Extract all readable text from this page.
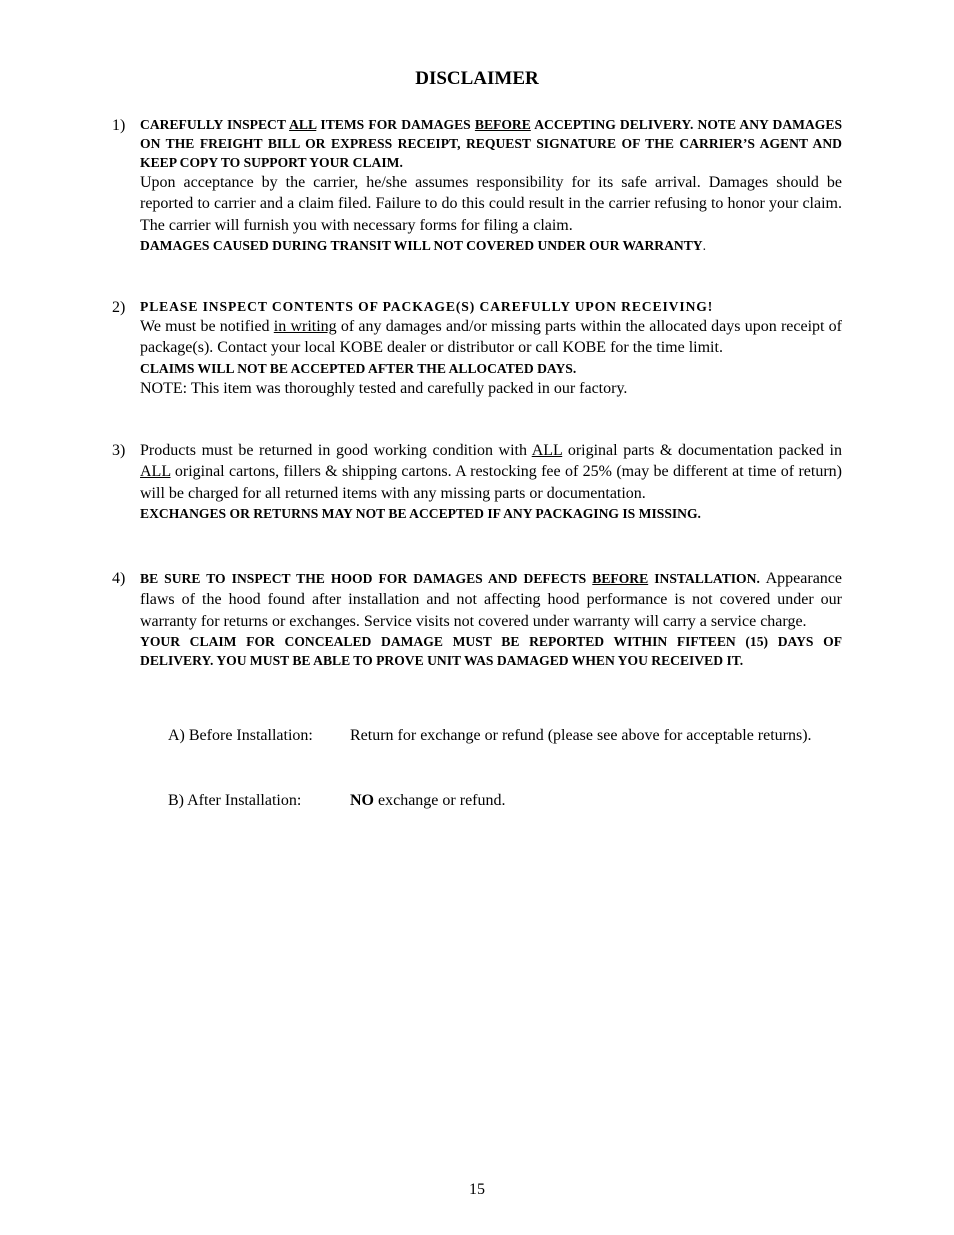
DISCLAIMER
1) CAREFULLY INSPECT ALL ITEMS FOR DAMAGES BEFORE ACCEPTING DELIVERY. NOTE ANY DAMAGES ON THE FREIGHT BILL OR EXPRESS RECEIPT, REQUEST SIGNATURE OF THE CARRIER’S AGENT AND KEEP COPY TO SUPPORT YOUR CLAIM.
Upon acceptance by the carrier, he/she assumes responsibility for its safe arrival. Damages should be reported to carrier and a claim filed. Failure to do this could result in the carrier refusing to honor your claim. The carrier will furnish you with necessary forms for filing a claim.
DAMAGES CAUSED DURING TRANSIT WILL NOT COVERED UNDER OUR WARRANTY.
2) PLEASE INSPECT CONTENTS OF PACKAGE(S) CAREFULLY UPON RECEIVING!
We must be notified in writing of any damages and/or missing parts within the allocated days upon receipt of package(s). Contact your local KOBE dealer or distributor or call KOBE for the time limit.
CLAIMS WILL NOT BE ACCEPTED AFTER THE ALLOCATED DAYS.
NOTE: This item was thoroughly tested and carefully packed in our factory.
3) Products must be returned in good working condition with ALL original parts & documentation packed in ALL original cartons, fillers & shipping cartons. A restocking fee of 25% (may be different at time of return) will be charged for all returned items with any missing parts or documentation.
EXCHANGES OR RETURNS MAY NOT BE ACCEPTED IF ANY PACKAGING IS MISSING.
4) BE SURE TO INSPECT THE HOOD FOR DAMAGES AND DEFECTS BEFORE INSTALLATION. Appearance flaws of the hood found after installation and not affecting hood performance is not covered under our warranty for returns or exchanges. Service visits not covered under warranty will carry a service charge.
YOUR CLAIM FOR CONCEALED DAMAGE MUST BE REPORTED WITHIN FIFTEEN (15) DAYS OF DELIVERY. YOU MUST BE ABLE TO PROVE UNIT WAS DAMAGED WHEN YOU RECEIVED IT.
A) Before Installation: Return for exchange or refund (please see above for acceptable returns).
B) After Installation:	NO exchange or refund.
15
